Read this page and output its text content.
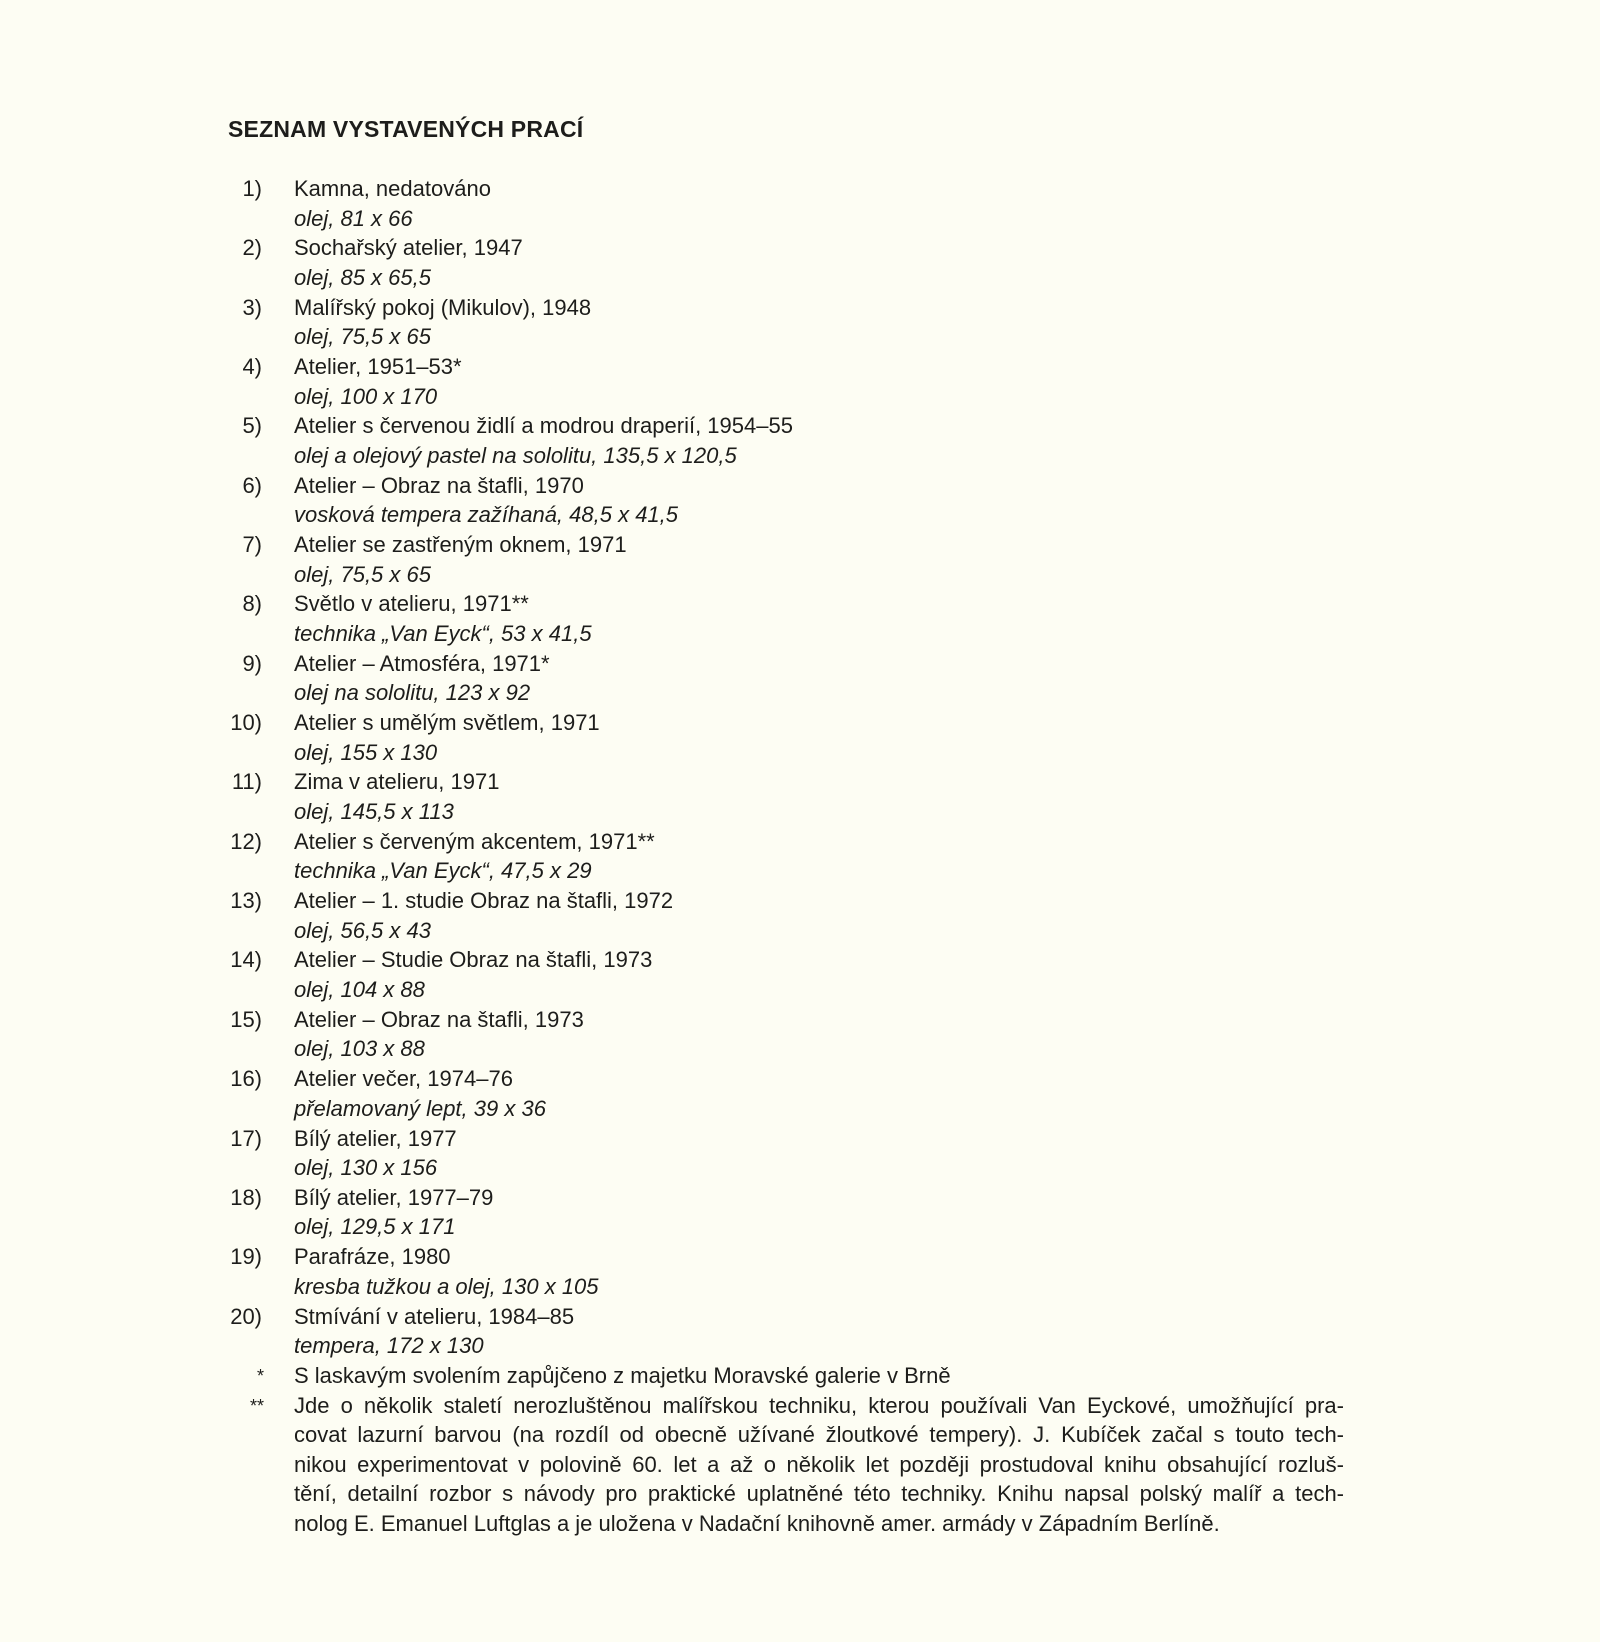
SEZNAM VYSTAVENÝCH PRACÍ
1) Kamna, nedatováno
olej, 81 x 66
2) Sochařský atelier, 1947
olej, 85 x 65,5
3) Malířský pokoj (Mikulov), 1948
olej, 75,5 x 65
4) Atelier, 1951–53*
olej, 100 x 170
5) Atelier s červenou židlí a modrou draperií, 1954–55
olej a olejový pastel na sololitu, 135,5 x 120,5
6) Atelier – Obraz na štafli, 1970
vosková tempera zažíhaná, 48,5 x 41,5
7) Atelier se zastřeným oknem, 1971
olej, 75,5 x 65
8) Světlo v atelieru, 1971**
technika „Van Eyck“, 53 x 41,5
9) Atelier – Atmosféra, 1971*
olej na sololitu, 123 x 92
10) Atelier s umělým světlem, 1971
olej, 155 x 130
11) Zima v atelieru, 1971
olej, 145,5 x 113
12) Atelier s červeným akcentem, 1971**
technika „Van Eyck“, 47,5 x 29
13) Atelier – 1. studie Obraz na štafli, 1972
olej, 56,5 x 43
14) Atelier – Studie Obraz na štafli, 1973
olej, 104 x 88
15) Atelier – Obraz na štafli, 1973
olej, 103 x 88
16) Atelier večer, 1974–76
přelamovaný lept, 39 x 36
17) Bílý atelier, 1977
olej, 130 x 156
18) Bílý atelier, 1977–79
olej, 129,5 x 171
19) Parafráze, 1980
kresba tužkou a olej, 130 x 105
20) Stmívání v atelieru, 1984–85
tempera, 172 x 130
* S laskavým svolením zapůjčeno z majetku Moravské galerie v Brně
** Jde o několik staletí nerozluštěnou malířskou techniku, kterou používali Van Eyckové, umožňující pra-
covat lazurní barvou (na rozdíl od obecně užívané žloutkové tempery). J. Kubíček začal s touto tech-
nikou experimentovat v polovině 60. let a až o několik let později prostudoval knihu obsahující rozluš-
tění, detailní rozbor s návody pro praktické uplatněné této techniky. Knihu napsal polský malíř a tech-
nolog E. Emanuel Luftglas a je uložena v Nadační knihovně amer. armády v Západním Berlíně.
